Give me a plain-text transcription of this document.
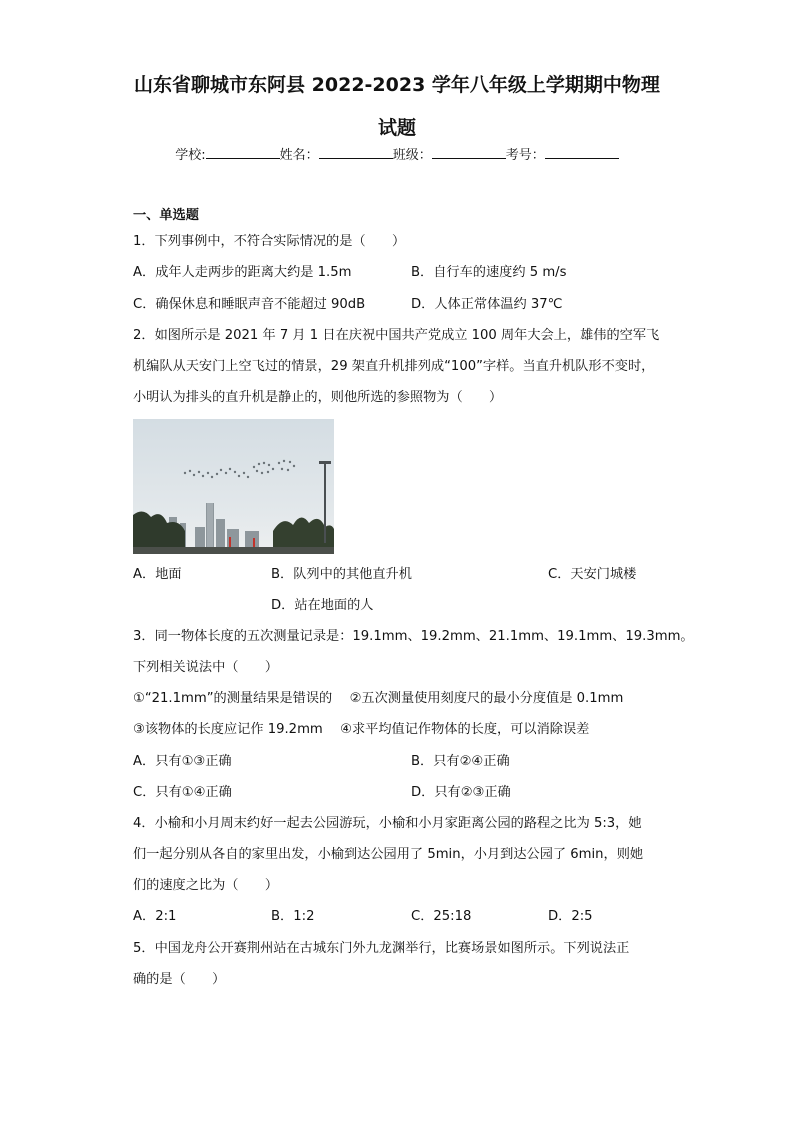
山东省聊城市东阿县 2022-2023 学年八年级上学期期中物理
试题
学校:	姓名：	班级：	考号：
一、单选题
1．下列事例中，不符合实际情况的是（　　）
A．成年人走两步的距离大约是 1.5m	B．自行车的速度约 5 m/s
C．确保休息和睡眠声音不能超过 90dB	D．人体正常体温约 37℃
2．如图所示是 2021 年 7 月 1 日在庆祝中国共产党成立 100 周年大会上，雄伟的空军飞
机编队从天安门上空飞过的情景，29 架直升机排列成“100”字样。当直升机队形不变时，
小明认为排头的直升机是静止的，则他所选的参照物为（　　）
A．地面	B．队列中的其他直升机	C．天安门城楼
D．站在地面的人
3．同一物体长度的五次测量记录是：19.1mm、19.2mm、21.1mm、19.1mm、19.3mm。
下列相关说法中（　　）
①“21.1mm”的测量结果是错误的　 ②五次测量使用刻度尺的最小分度值是 0.1mm
③该物体的长度应记作 19.2mm　 ④求平均值记作物体的长度，可以消除误差
A．只有①③正确	B．只有②④正确
C．只有①④正确	D．只有②③正确
4．小榆和小月周末约好一起去公园游玩，小榆和小月家距离公园的路程之比为 5:3，她
们一起分别从各自的家里出发，小榆到达公园用了 5min，小月到达公园了 6min，则她
们的速度之比为（　　）
A．2:1	B．1:2	C．25:18	D．2:5
5．中国龙舟公开赛荆州站在古城东门外九龙渊举行，比赛场景如图所示。下列说法正
确的是（　　）
